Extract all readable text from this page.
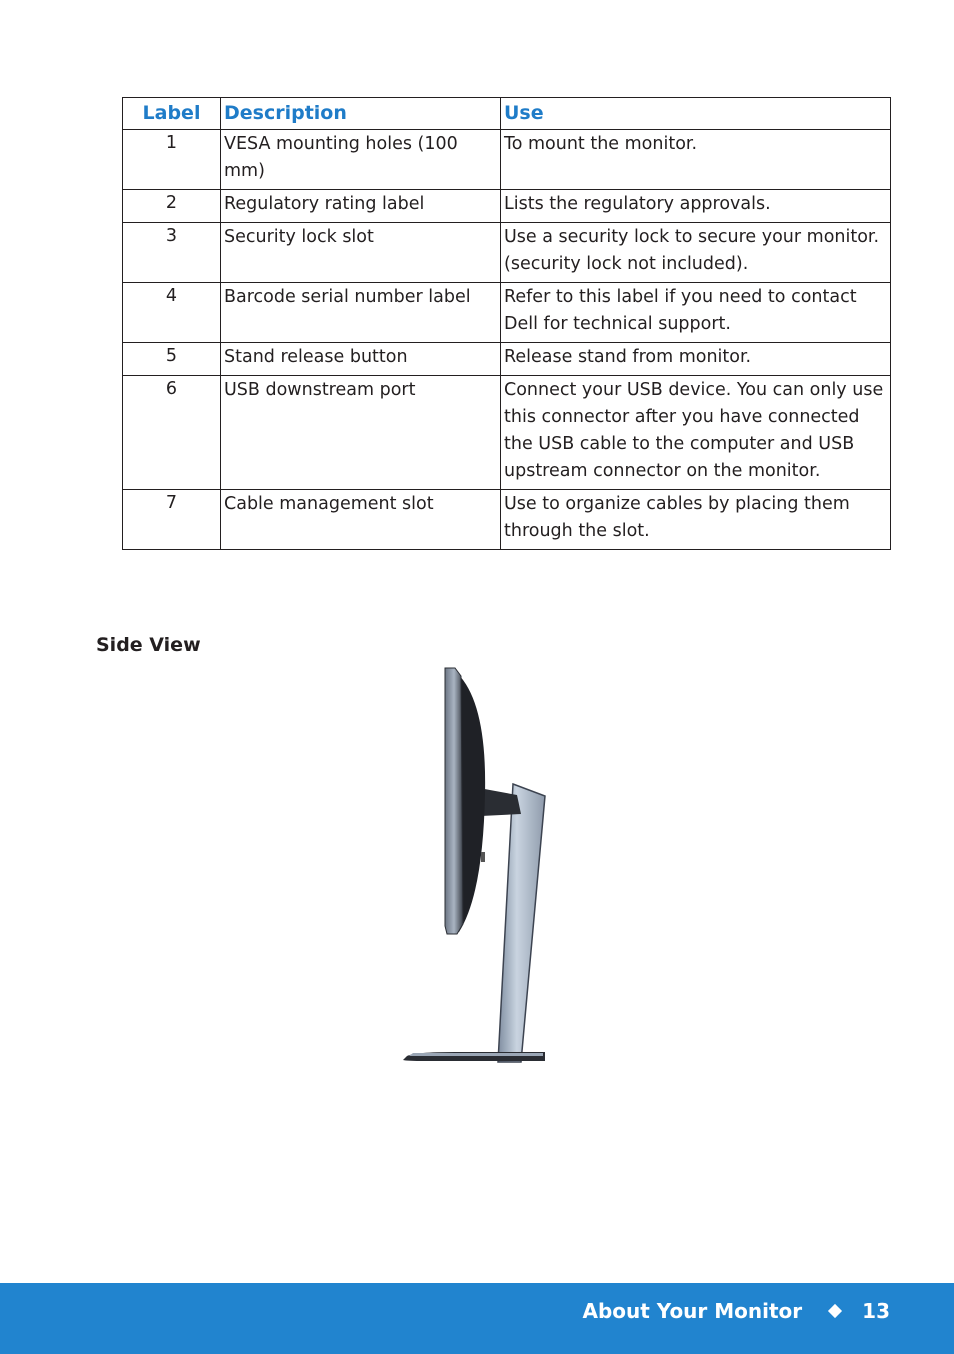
Label	Description	Use
1	VESA mounting holes (100 mm)	To mount the monitor.
2	Regulatory rating label	Lists the regulatory approvals.
3	Security lock slot	Use a security lock to secure your monitor. (security lock not included).
4	Barcode serial number label	Refer to this label if you need to contact Dell for technical support.
5	Stand release button	Release stand from monitor.
6	USB downstream port	Connect your USB device. You can only use this connector after you have connected the USB cable to the computer and USB upstream connector on the monitor.
7	Cable management slot	Use to organize cables by placing them through the slot.
Side View
About Your Monitor	13
